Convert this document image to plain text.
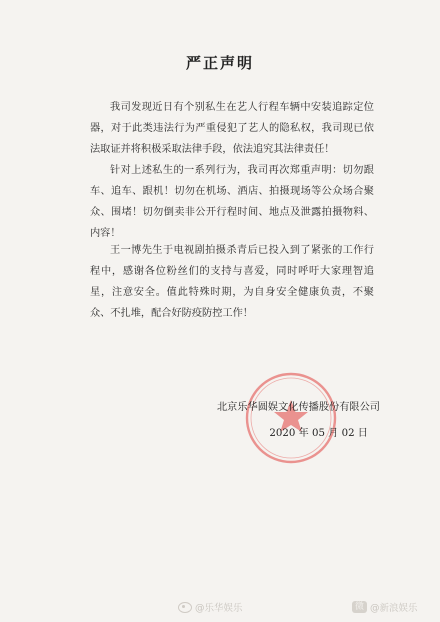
严正声明

我司发现近日有个别私生在艺人行程车辆中安装追踪定位器，对于此类违法行为严重侵犯了艺人的隐私权，我司现已依法取证并将积极采取法律手段，依法追究其法律责任！

针对上述私生的一系列行为，我司再次郑重声明：切勿跟车、追车、跟机！切勿在机场、酒店、拍摄现场等公众场合聚众、围堵！切勿倒卖非公开行程时间、地点及泄露拍摄物料、内容！

王一博先生于电视剧拍摄杀青后已投入到了紧张的工作行程中，感谢各位粉丝们的支持与喜爱，同时呼吁大家理智追星，注意安全。值此特殊时期，为自身安全健康负责，不聚众、不扎堆，配合好防疫防控工作！

北京乐华圆娱文化传播股份有限公司
2020 年 05 月 02 日
@乐华娱乐	微 @新浪娱乐
